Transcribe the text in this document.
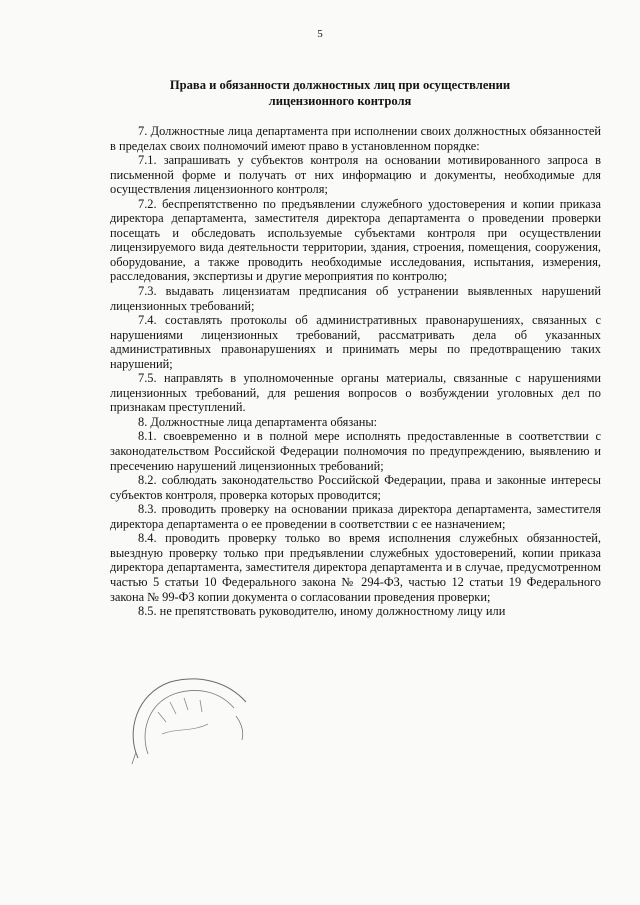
5
Права и обязанности должностных лиц при осуществлении
лицензионного контроля

7. Должностные лица департамента при исполнении своих должностных обязанностей в пределах своих полномочий имеют право в установленном порядке:

7.1. запрашивать у субъектов контроля на основании мотивированного запроса в письменной форме и получать от них информацию и документы, необходимые для осуществления лицензионного контроля;

7.2. беспрепятственно по предъявлении служебного удостоверения и копии приказа директора департамента, заместителя директора департамента о проведении проверки посещать и обследовать используемые субъектами контроля при осуществлении лицензируемого вида деятельности территории, здания, строения, помещения, сооружения, оборудование, а также проводить необходимые исследования, испытания, измерения, расследования, экспертизы и другие мероприятия по контролю;

7.3. выдавать лицензиатам предписания об устранении выявленных нарушений лицензионных требований;

7.4. составлять протоколы об административных правонарушениях, связанных с нарушениями лицензионных требований, рассматривать дела об указанных административных правонарушениях и принимать меры по предотвращению таких нарушений;

7.5. направлять в уполномоченные органы материалы, связанные с нарушениями лицензионных требований, для решения вопросов о возбуждении уголовных дел по признакам преступлений.

8. Должностные лица департамента обязаны:

8.1. своевременно и в полной мере исполнять предоставленные в соответствии с законодательством Российской Федерации полномочия по предупреждению, выявлению и пресечению нарушений лицензионных требований;

8.2. соблюдать законодательство Российской Федерации, права и законные интересы субъектов контроля, проверка которых проводится;

8.3. проводить проверку на основании приказа директора департамента, заместителя директора департамента о ее проведении в соответствии с ее назначением;

8.4. проводить проверку только во время исполнения служебных обязанностей, выездную проверку только при предъявлении служебных удостоверений, копии приказа директора департамента, заместителя директора департамента и в случае, предусмотренном частью 5 статьи 10 Федерального закона № 294-ФЗ, частью 12 статьи 19 Федерального закона № 99-ФЗ копии документа о согласовании проведения проверки;

8.5. не препятствовать руководителю, иному должностному лицу или
